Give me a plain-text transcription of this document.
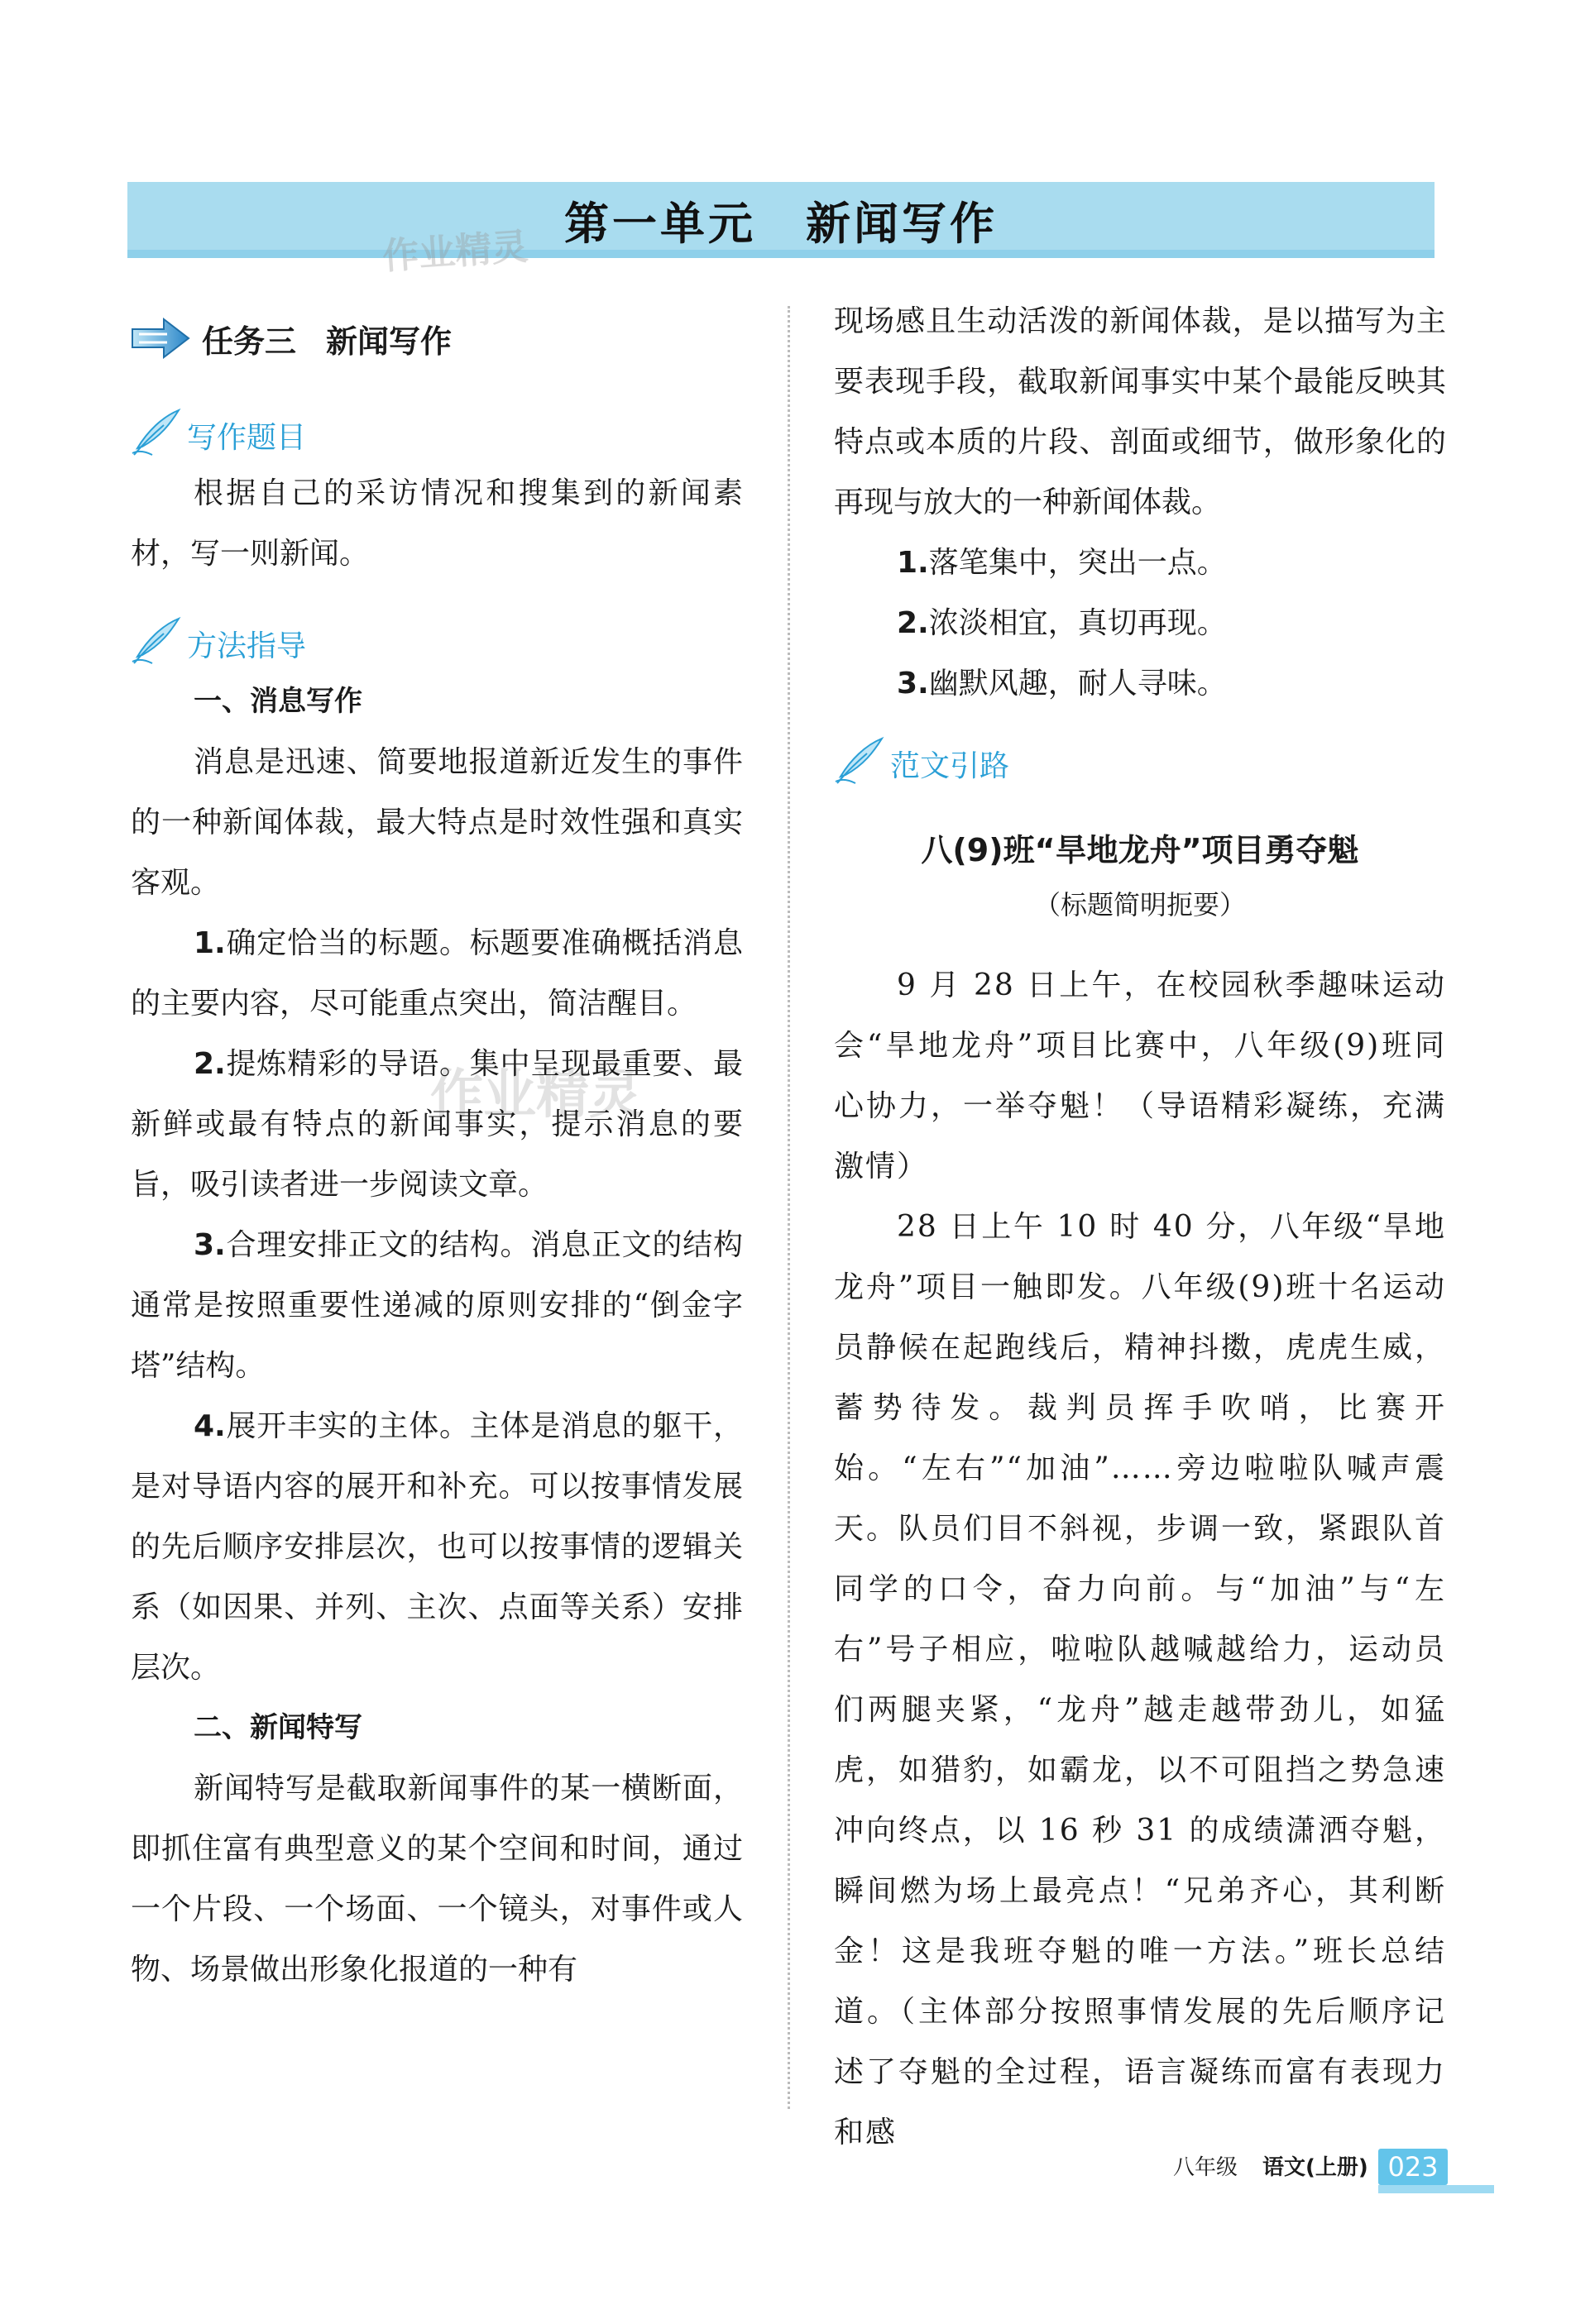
第一单元 新闻写作
作业精灵
作业精灵
任务三 新闻写作
写作题目

根据自己的采访情况和搜集到的新闻素材，写一则新闻。

方法指导

一、消息写作

消息是迅速、简要地报道新近发生的事件的一种新闻体裁，最大特点是时效性强和真实客观。

1.确定恰当的标题。标题要准确概括消息的主要内容，尽可能重点突出，简洁醒目。

2.提炼精彩的导语。集中呈现最重要、最新鲜或最有特点的新闻事实，提示消息的要旨，吸引读者进一步阅读文章。

3.合理安排正文的结构。消息正文的结构通常是按照重要性递减的原则安排的“倒金字塔”结构。

4.展开丰实的主体。主体是消息的躯干，是对导语内容的展开和补充。可以按事情发展的先后顺序安排层次，也可以按事情的逻辑关系（如因果、并列、主次、点面等关系）安排层次。

二、新闻特写

新闻特写是截取新闻事件的某一横断面，即抓住富有典型意义的某个空间和时间，通过一个片段、一个场面、一个镜头，对事件或人物、场景做出形象化报道的一种有

现场感且生动活泼的新闻体裁，是以描写为主要表现手段，截取新闻事实中某个最能反映其特点或本质的片段、剖面或细节，做形象化的再现与放大的一种新闻体裁。

1.落笔集中，突出一点。

2.浓淡相宜，真切再现。

3.幽默风趣，耐人寻味。

范文引路
八(9)班“旱地龙舟”项目勇夺魁
（标题简明扼要）

9 月 28 日上午，在校园秋季趣味运动会“旱地龙舟”项目比赛中，八年级(9)班同心协力，一举夺魁！（导语精彩凝练，充满激情）

28 日上午 10 时 40 分，八年级“旱地龙舟”项目一触即发。八年级(9)班十名运动员静候在起跑线后，精神抖擞，虎虎生威，蓄势待发。裁判员挥手吹哨，比赛开始。“左右”“加油”……旁边啦啦队喊声震天。队员们目不斜视，步调一致，紧跟队首同学的口令，奋力向前。与“加油”与“左右”号子相应，啦啦队越喊越给力，运动员们两腿夹紧，“龙舟”越走越带劲儿，如猛虎，如猎豹，如霸龙，以不可阻挡之势急速冲向终点，以 16 秒 31 的成绩潇洒夺魁，瞬间燃为场上最亮点！“兄弟齐心，其利断金！这是我班夺魁的唯一方法。”班长总结道。（主体部分按照事情发展的先后顺序记述了夺魁的全过程，语言凝练而富有表现力和感

八年级 语文(上册) 023
